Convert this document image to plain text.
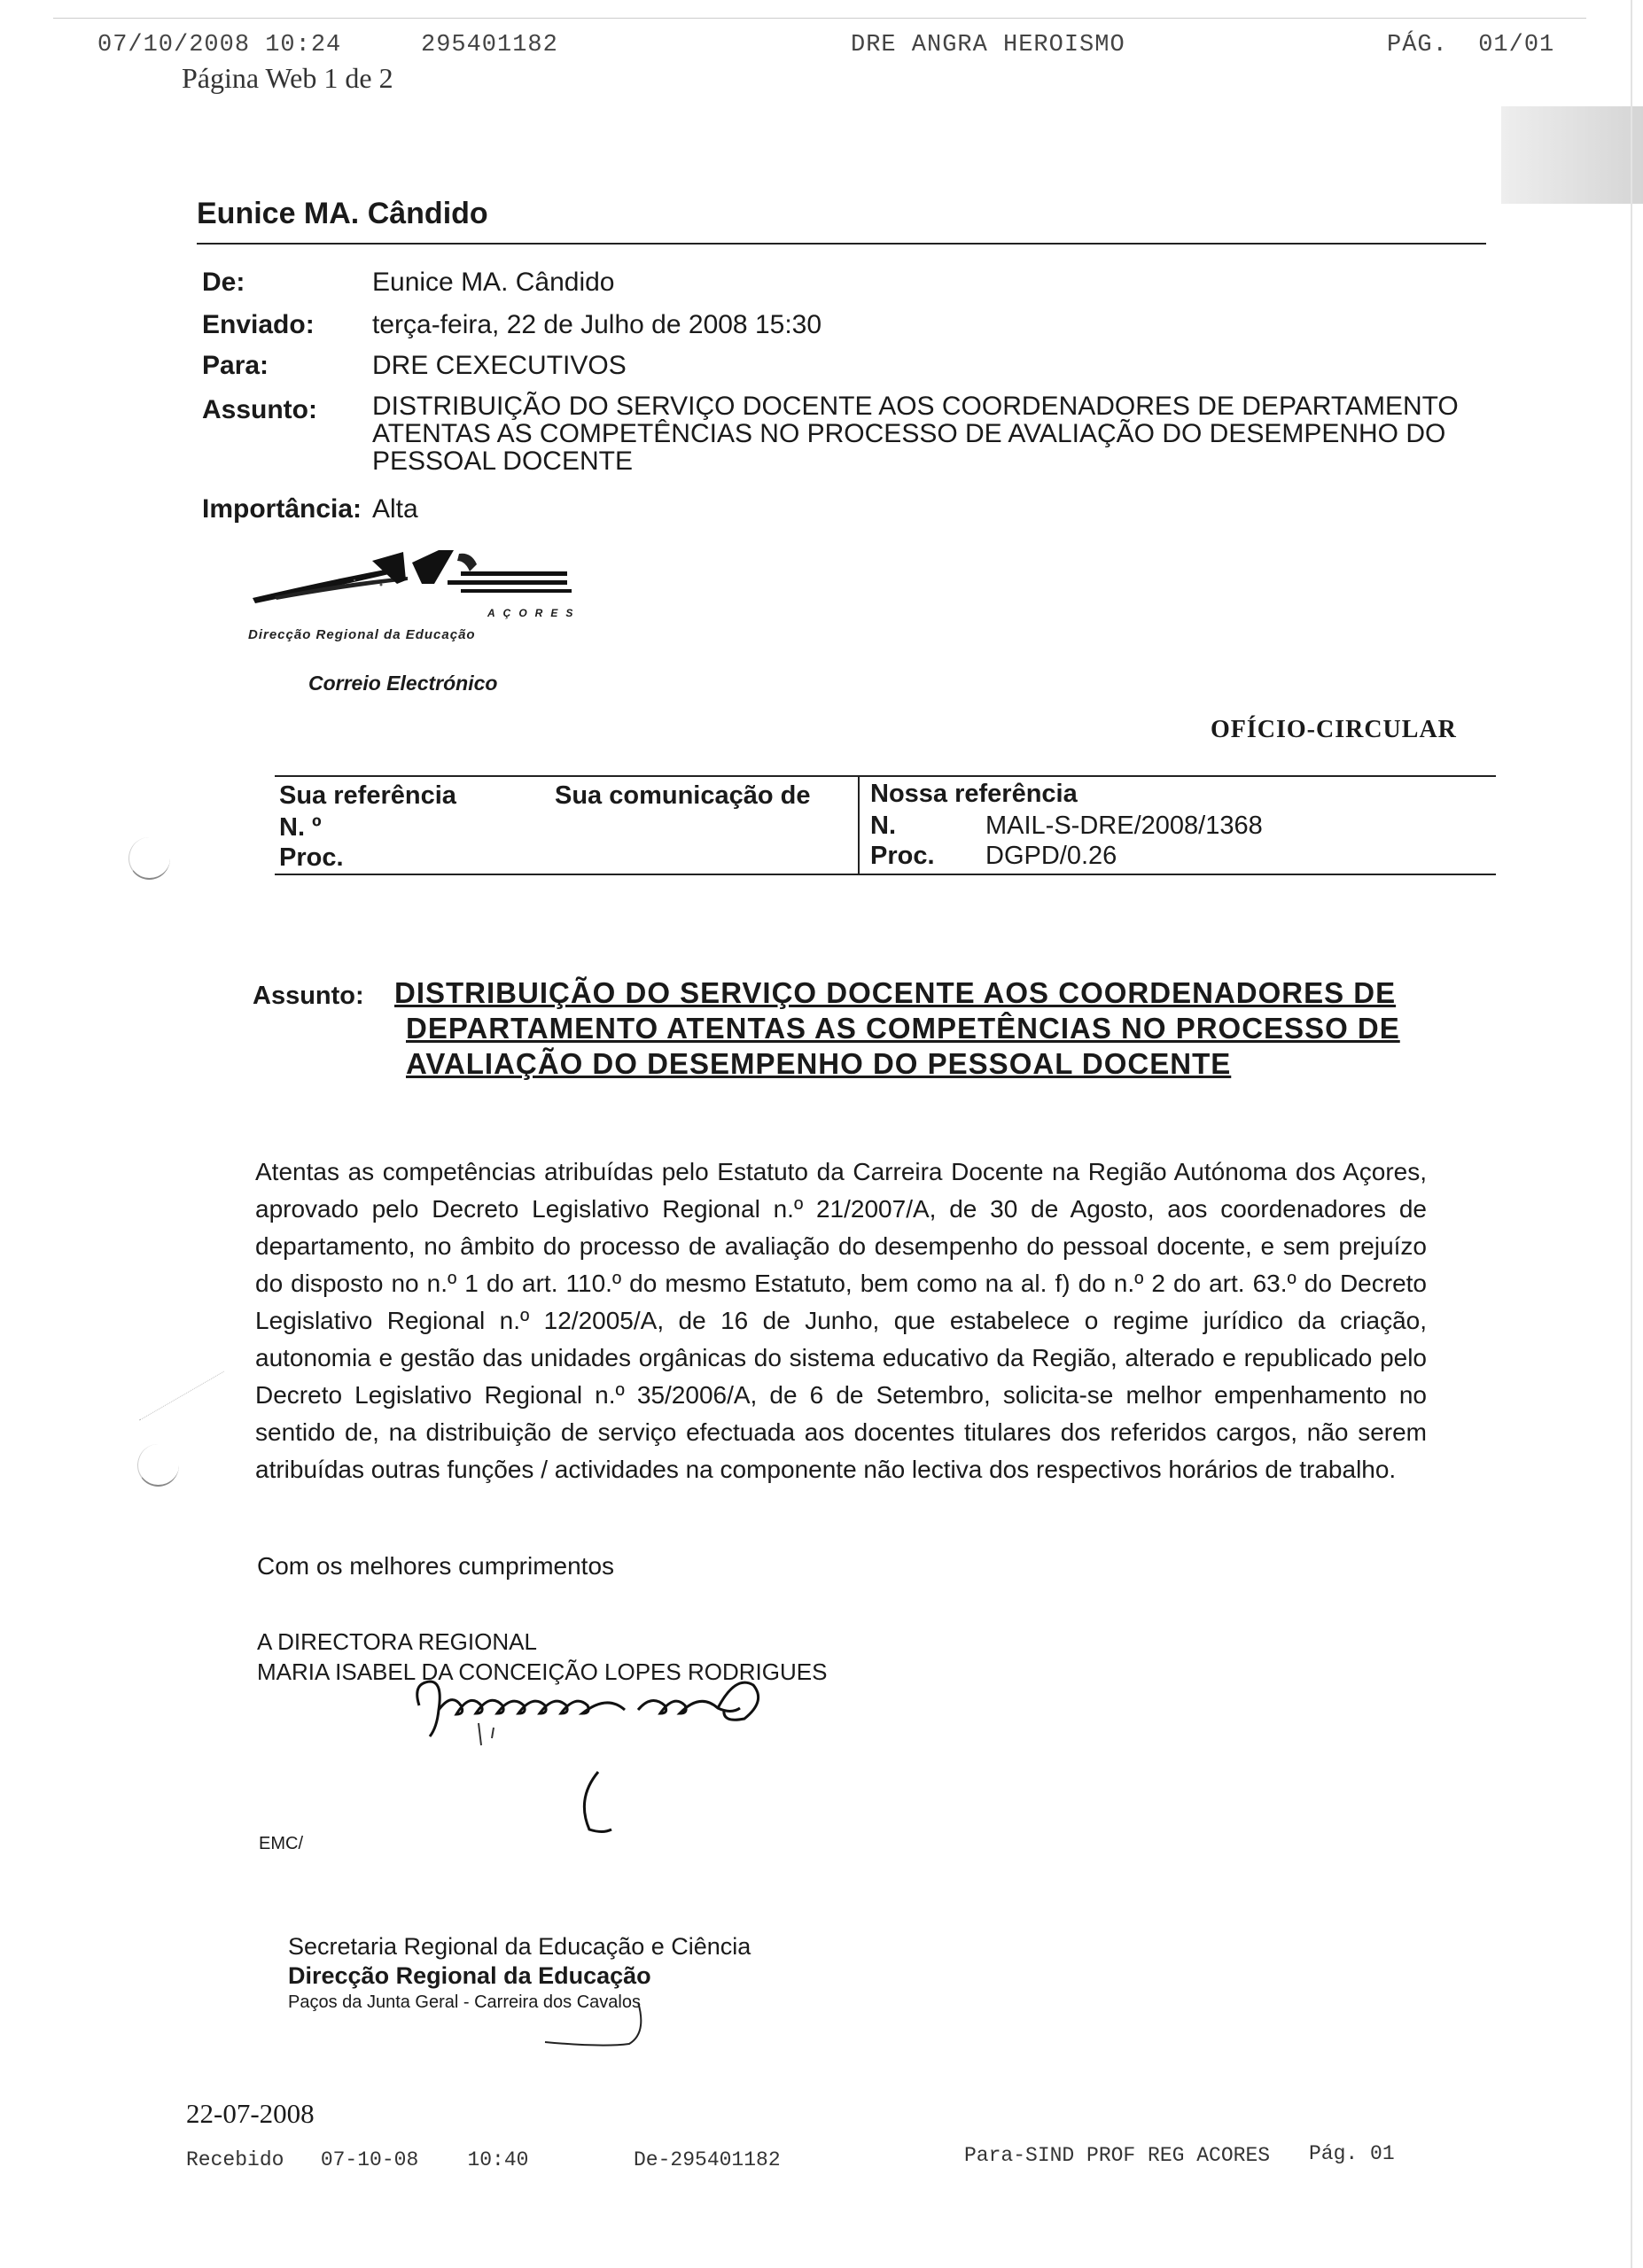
07/10/2008 10:24	295401182	DRE ANGRA HEROISMO	PÁG.  01/01
Página Web 1 de 2
Eunice MA. Cândido
De:	Eunice MA. Cândido
Enviado: terça-feira, 22 de Julho de 2008 15:30
Para:	DRE CEXECUTIVOS
Assunto: DISTRIBUIÇÃO DO SERVIÇO DOCENTE AOS COORDENADORES DE DEPARTAMENTO ATENTAS AS COMPETÊNCIAS NO PROCESSO DE AVALIAÇÃO DO DESEMPENHO DO PESSOAL DOCENTE
Importância: Alta
AÇORES
Direcção Regional da Educação
Correio Electrónico
OFÍCIO-CIRCULAR
Sua referência	Sua comunicação de
N. º
Proc.
Nossa referência
N.	MAIL-S-DRE/2008/1368
Proc. DGPD/0.26
Assunto: DISTRIBUIÇÃO DO SERVIÇO DOCENTE AOS COORDENADORES DE
DEPARTAMENTO ATENTAS AS COMPETÊNCIAS NO PROCESSO DE
AVALIAÇÃO DO DESEMPENHO DO PESSOAL DOCENTE
Atentas as competências atribuídas pelo Estatuto da Carreira Docente na Região Autónoma dos Açores, aprovado pelo Decreto Legislativo Regional n.º 21/2007/A, de 30 de Agosto, aos coordenadores de departamento, no âmbito do processo de avaliação do desempenho do pessoal docente, e sem prejuízo do disposto no n.º 1 do art. 110.º do mesmo Estatuto, bem como na al. f) do n.º 2 do art. 63.º do Decreto Legislativo Regional n.º 12/2005/A, de 16 de Junho, que estabelece o regime jurídico da criação, autonomia e gestão das unidades orgânicas do sistema educativo da Região, alterado e republicado pelo Decreto Legislativo Regional n.º 35/2006/A, de 6 de Setembro, solicita-se melhor empenhamento no sentido de, na distribuição de serviço efectuada aos docentes titulares dos referidos cargos, não serem atribuídas outras funções / actividades na componente não lectiva dos respectivos horários de trabalho.
Com os melhores cumprimentos
A DIRECTORA REGIONAL
MARIA ISABEL DA CONCEIÇÃO LOPES RODRIGUES
EMC/
Secretaria Regional da Educação e Ciência
Direcção Regional da Educação
Paços da Junta Geral - Carreira dos Cavalos
22-07-2008
Recebido   07-10-08    10:40	De-295401182	Para-SIND PROF REG ACORES Pág. 01
